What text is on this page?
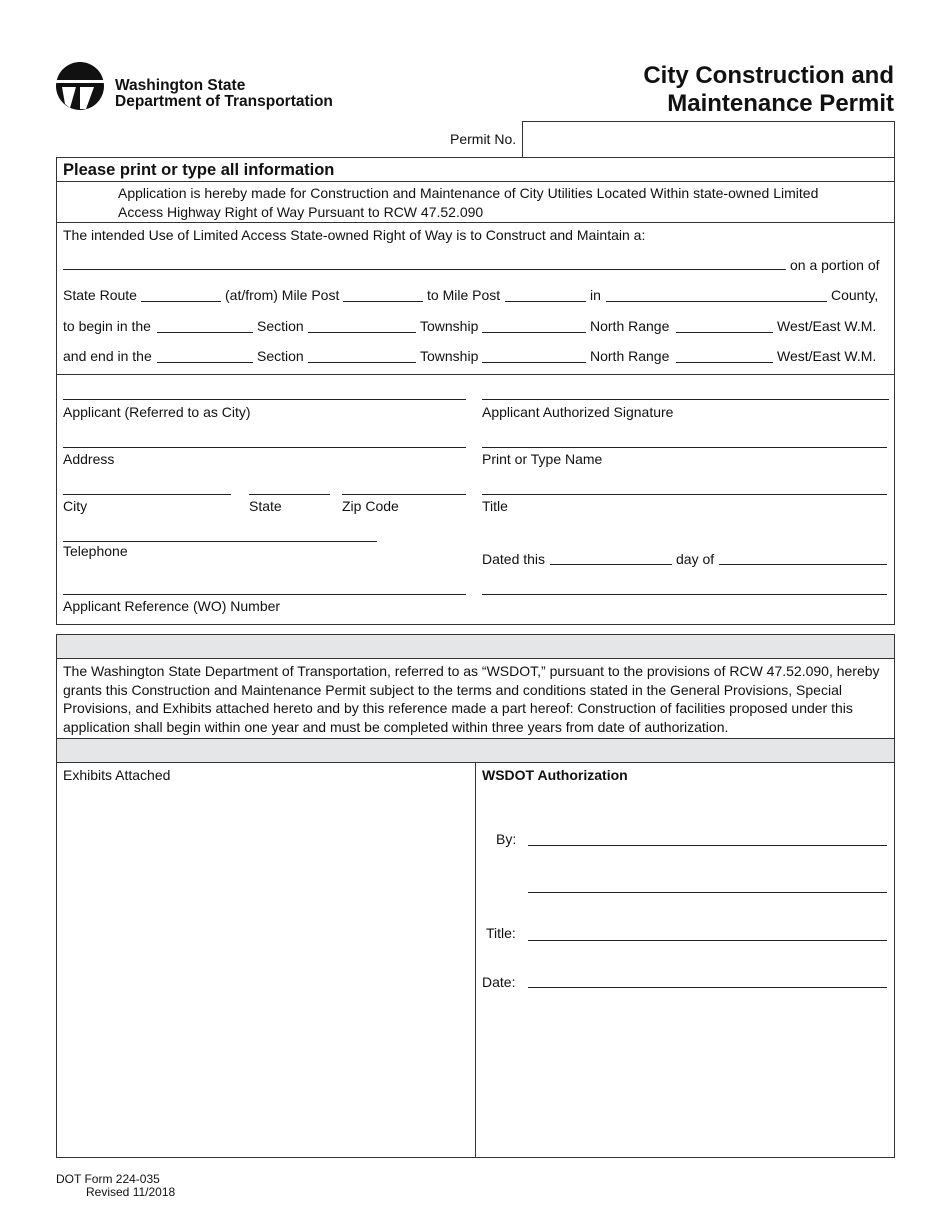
Washington State
Department of Transportation
City Construction and
Maintenance Permit
Permit No.
Please print or type all information
Application is hereby made for Construction and Maintenance of City Utilities Located Within state-owned Limited
Access Highway Right of Way Pursuant to RCW 47.52.090
The intended Use of Limited Access State-owned Right of Way is to Construct and Maintain a:
on a portion of
State Route	(at/from) Mile Post	to Mile Post	in	County,
to begin in the	Section	Township	North Range	West/East W.M.
and end in the	Section	Township	North Range	West/East W.M.
Applicant (Referred to as City)	Applicant Authorized Signature
Address	Print or Type Name
City	State	Zip Code	Title
Telephone	Dated this	day of
Applicant Reference (WO) Number
The Washington State Department of Transportation, referred to as “WSDOT,” pursuant to the provisions of RCW 47.52.090, hereby
grants this Construction and Maintenance Permit subject to the terms and conditions stated in the General Provisions, Special
Provisions, and Exhibits attached hereto and by this reference made a part hereof: Construction of facilities proposed under this
application shall begin within one year and must be completed within three years from date of authorization.
Exhibits Attached	WSDOT Authorization
By:
Title:
Date:
DOT Form 224-035
Revised 11/2018
